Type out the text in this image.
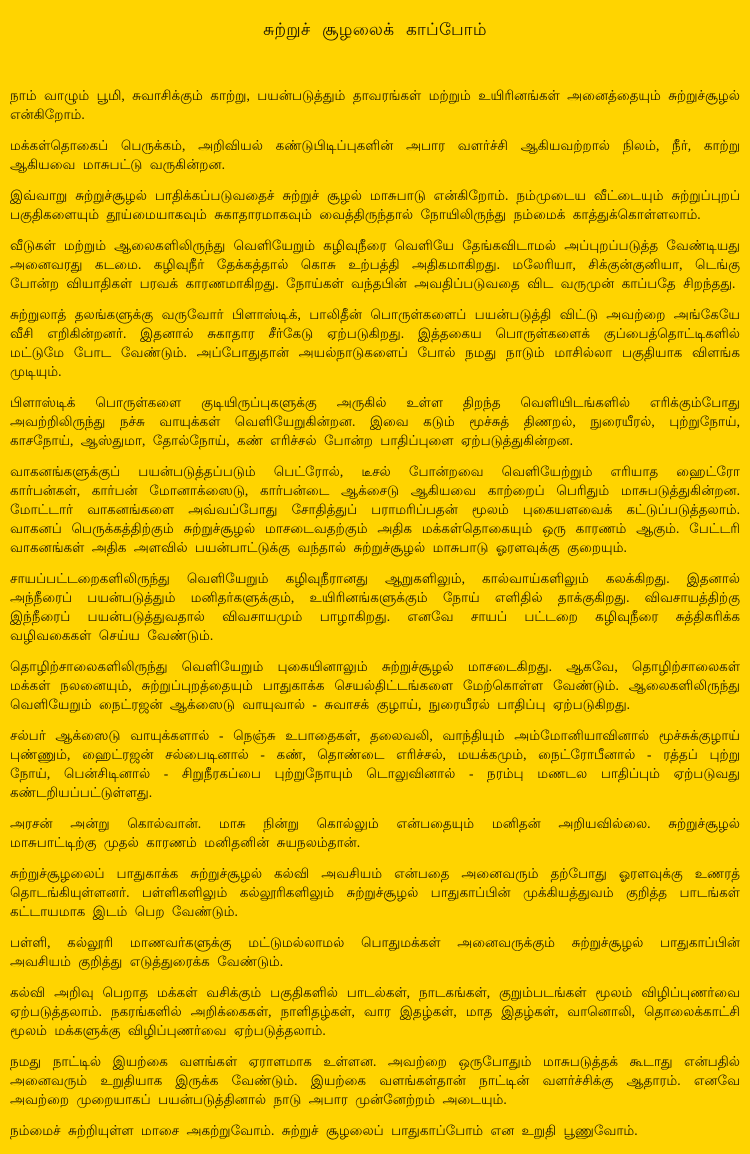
சுற்றுச் சூழலைக் காப்போம்

நாம் வாழும் பூமி, சுவாசிக்கும் காற்று, பயன்படுத்தும் தாவரங்கள் மற்றும் உயிரினங்கள் அனைத்தையும் சுற்றுச்சூழல் என்கிறோம்.

மக்கள்தொகைப் பெருக்கம், அறிவியல் கண்டுபிடிப்புகளின் அபார வளர்ச்சி ஆகியவற்றால் நிலம், நீர், காற்று ஆகியவை மாசுபட்டு வருகின்றன.

இவ்வாறு சுற்றுச்சூழல் பாதிக்கப்படுவதைச் சுற்றுச் சூழல் மாசுபாடு என்கிறோம். நம்முடைய வீட்டையும் சுற்றுப்புறப் பகுதிகளையும் தூய்மையாகவும் சுகாதாரமாகவும் வைத்திருந்தால் நோயிலிருந்து நம்மைக் காத்துக்கொள்ளலாம்.

வீடுகள் மற்றும் ஆலைகளிலிருந்து வெளியேறும் கழிவுநீரை வெளியே தேங்கவிடாமல் அப்புறப்படுத்த வேண்டியது அனைவரது கடமை. கழிவுநீர் தேக்கத்தால் கொசு உற்பத்தி அதிகமாகிறது. மலேரியா, சிக்குன்குனியா, டெங்கு போன்ற வியாதிகள் பரவக் காரணமாகிறது. நோய்கள் வந்தபின் அவதிப்படுவதை விட வருமுன் காப்பதே சிறந்தது.

சுற்றுலாத் தலங்களுக்கு வருவோர் பிளாஸ்டிக், பாலிதீன் பொருள்களைப் பயன்படுத்தி விட்டு அவற்றை அங்கேயே வீசி எறிகின்றனர். இதனால் சுகாதார சீர்கேடு ஏற்படுகிறது. இத்தகைய பொருள்களைக் குப்பைத்தொட்டிகளில் மட்டுமே போட வேண்டும். அப்போதுதான் அயல்நாடுகளைப் போல் நமது நாடும் மாசில்லா பகுதியாக விளங்க முடியும்.

பிளாஸ்டிக் பொருள்களை குடியிருப்புகளுக்கு அருகில் உள்ள திறந்த வெளியிடங்களில் எரிக்கும்போது அவற்றிலிருந்து நச்சு வாயுக்கள் வெளியேறுகின்றன. இவை கடும் மூச்சுத் திணறல், நுரையீரல், புற்றுநோய், காசநோய், ஆஸ்துமா, தோல்நோய், கண் எரிச்சல் போன்ற பாதிப்புளை ஏற்படுத்துகின்றன.

வாகனங்களுக்குப் பயன்படுத்தப்படும் பெட்ரோல், டீசல் போன்றவை வெளியேற்றும் எரியாத ஹைட்ரோ கார்பன்கள், கார்பன் மோனாக்ஸைடு, கார்பன்டை ஆக்சைடு ஆகியவை காற்றைப் பெரிதும் மாசுபடுத்துகின்றன. மோட்டார் வாகனங்களை அவ்வப்போது சோதித்துப் பராமரிப்பதன் மூலம் புகையளவைக் கட்டுப்படுத்தலாம். வாகனப் பெருக்கத்திற்கும் சுற்றுச்சூழல் மாசடைவதற்கும் அதிக மக்கள்தொகையும் ஒரு காரணம் ஆகும். பேட்டரி வாகனங்கள் அதிக அளவில் பயன்பாட்டுக்கு வந்தால் சுற்றுச்சூழல் மாசுபாடு ஓரளவுக்கு குறையும்.

சாயப்பட்டறைகளிலிருந்து வெளியேறும் கழிவுநீரானது ஆறுகளிலும், கால்வாய்களிலும் கலக்கிறது. இதனால் அந்நீரைப் பயன்படுத்தும் மனிதர்களுக்கும், உயிரினங்களுக்கும் நோய் எளிதில் தாக்குகிறது. விவசாயத்திற்கு இந்நீரைப் பயன்படுத்துவதால் விவசாயமும் பாழாகிறது. எனவே சாயப் பட்டறை கழிவுநீரை சுத்திகரிக்க வழிவகைகள் செய்ய வேண்டும்.

தொழிற்சாலைகளிலிருந்து வெளியேறும் புகையினாலும் சுற்றுச்சூழல் மாசடைகிறது. ஆகவே, தொழிற்சாலைகள் மக்கள் நலனையும், சுற்றுப்புறத்தையும் பாதுகாக்க செயல்திட்டங்களை மேற்கொள்ள வேண்டும். ஆலைகளிலிருந்து வெளியேறும் நைட்ரஜன் ஆக்ஸைடு வாயுவால் - சுவாசக் குழாய், நுரையீரல் பாதிப்பு ஏற்படுகிறது.

சல்பர் ஆக்ஸைடு வாயுக்களால் - நெஞ்சு உபாதைகள், தலைவலி, வாந்தியும் அம்மோனியாவினால் மூச்சுக்குழாய் புண்ணும், ஹைட்ரஜன் சல்பைடினால் - கண், தொண்டை எரிச்சல், மயக்கமும், நைட்ரோபீனால் - ரத்தப் புற்று நோய், பென்சிடினால் - சிறுநீரகப்பை புற்றுநோயும் டொலுவினால் - நரம்பு மணடல பாதிப்பும் ஏற்படுவது கண்டறியப்பட்டுள்ளது.

அரசன் அன்று கொல்வான். மாசு நின்று கொல்லும் என்பதையும் மனிதன் அறியவில்லை. சுற்றுச்சூழல் மாசுபாட்டிற்கு முதல் காரணம் மனிதனின் சுயநலம்தான்.

சுற்றுச்சூழலைப் பாதுகாக்க சுற்றுச்சூழல் கல்வி அவசியம் என்பதை அனைவரும் தற்போது ஓரளவுக்கு உணரத் தொடங்கியுள்ளனர். பள்ளிகளிலும் கல்லூரிகளிலும் சுற்றுச்சூழல் பாதுகாப்பின் முக்கியத்துவம் குறித்த பாடங்கள் கட்டாயமாக இடம் பெற வேண்டும்.

பள்ளி, கல்லூரி மாணவர்களுக்கு மட்டுமல்லாமல் பொதுமக்கள் அனைவருக்கும் சுற்றுச்சூழல் பாதுகாப்பின் அவசியம் குறித்து எடுத்துரைக்க வேண்டும்.

கல்வி அறிவு பெறாத மக்கள் வசிக்கும் பகுதிகளில் பாடல்கள், நாடகங்கள், குறும்படங்கள் மூலம் விழிப்புணர்வை ஏற்படுத்தலாம். நகரங்களில் அறிக்கைகள், நாளிதழ்கள், வார இதழ்கள், மாத இதழ்கள், வானொலி, தொலைக்காட்சி மூலம் மக்களுக்கு விழிப்புணர்வை ஏற்படுத்தலாம்.

நமது நாட்டில் இயற்கை வளங்கள் ஏராளமாக உள்ளன. அவற்றை ஒருபோதும் மாசுபடுத்தக் கூடாது என்பதில் அனைவரும் உறுதியாக இருக்க வேண்டும். இயற்கை வளங்கள்தான் நாட்டின் வளர்ச்சிக்கு ஆதாரம். எனவே அவற்றை முறையாகப் பயன்படுத்தினால் நாடு அபார முன்னேற்றம் அடையும்.

நம்மைச் சுற்றியுள்ள மாசை அகற்றுவோம். சுற்றுச் சூழலைப் பாதுகாப்போம் என உறுதி பூணுவோம்.
